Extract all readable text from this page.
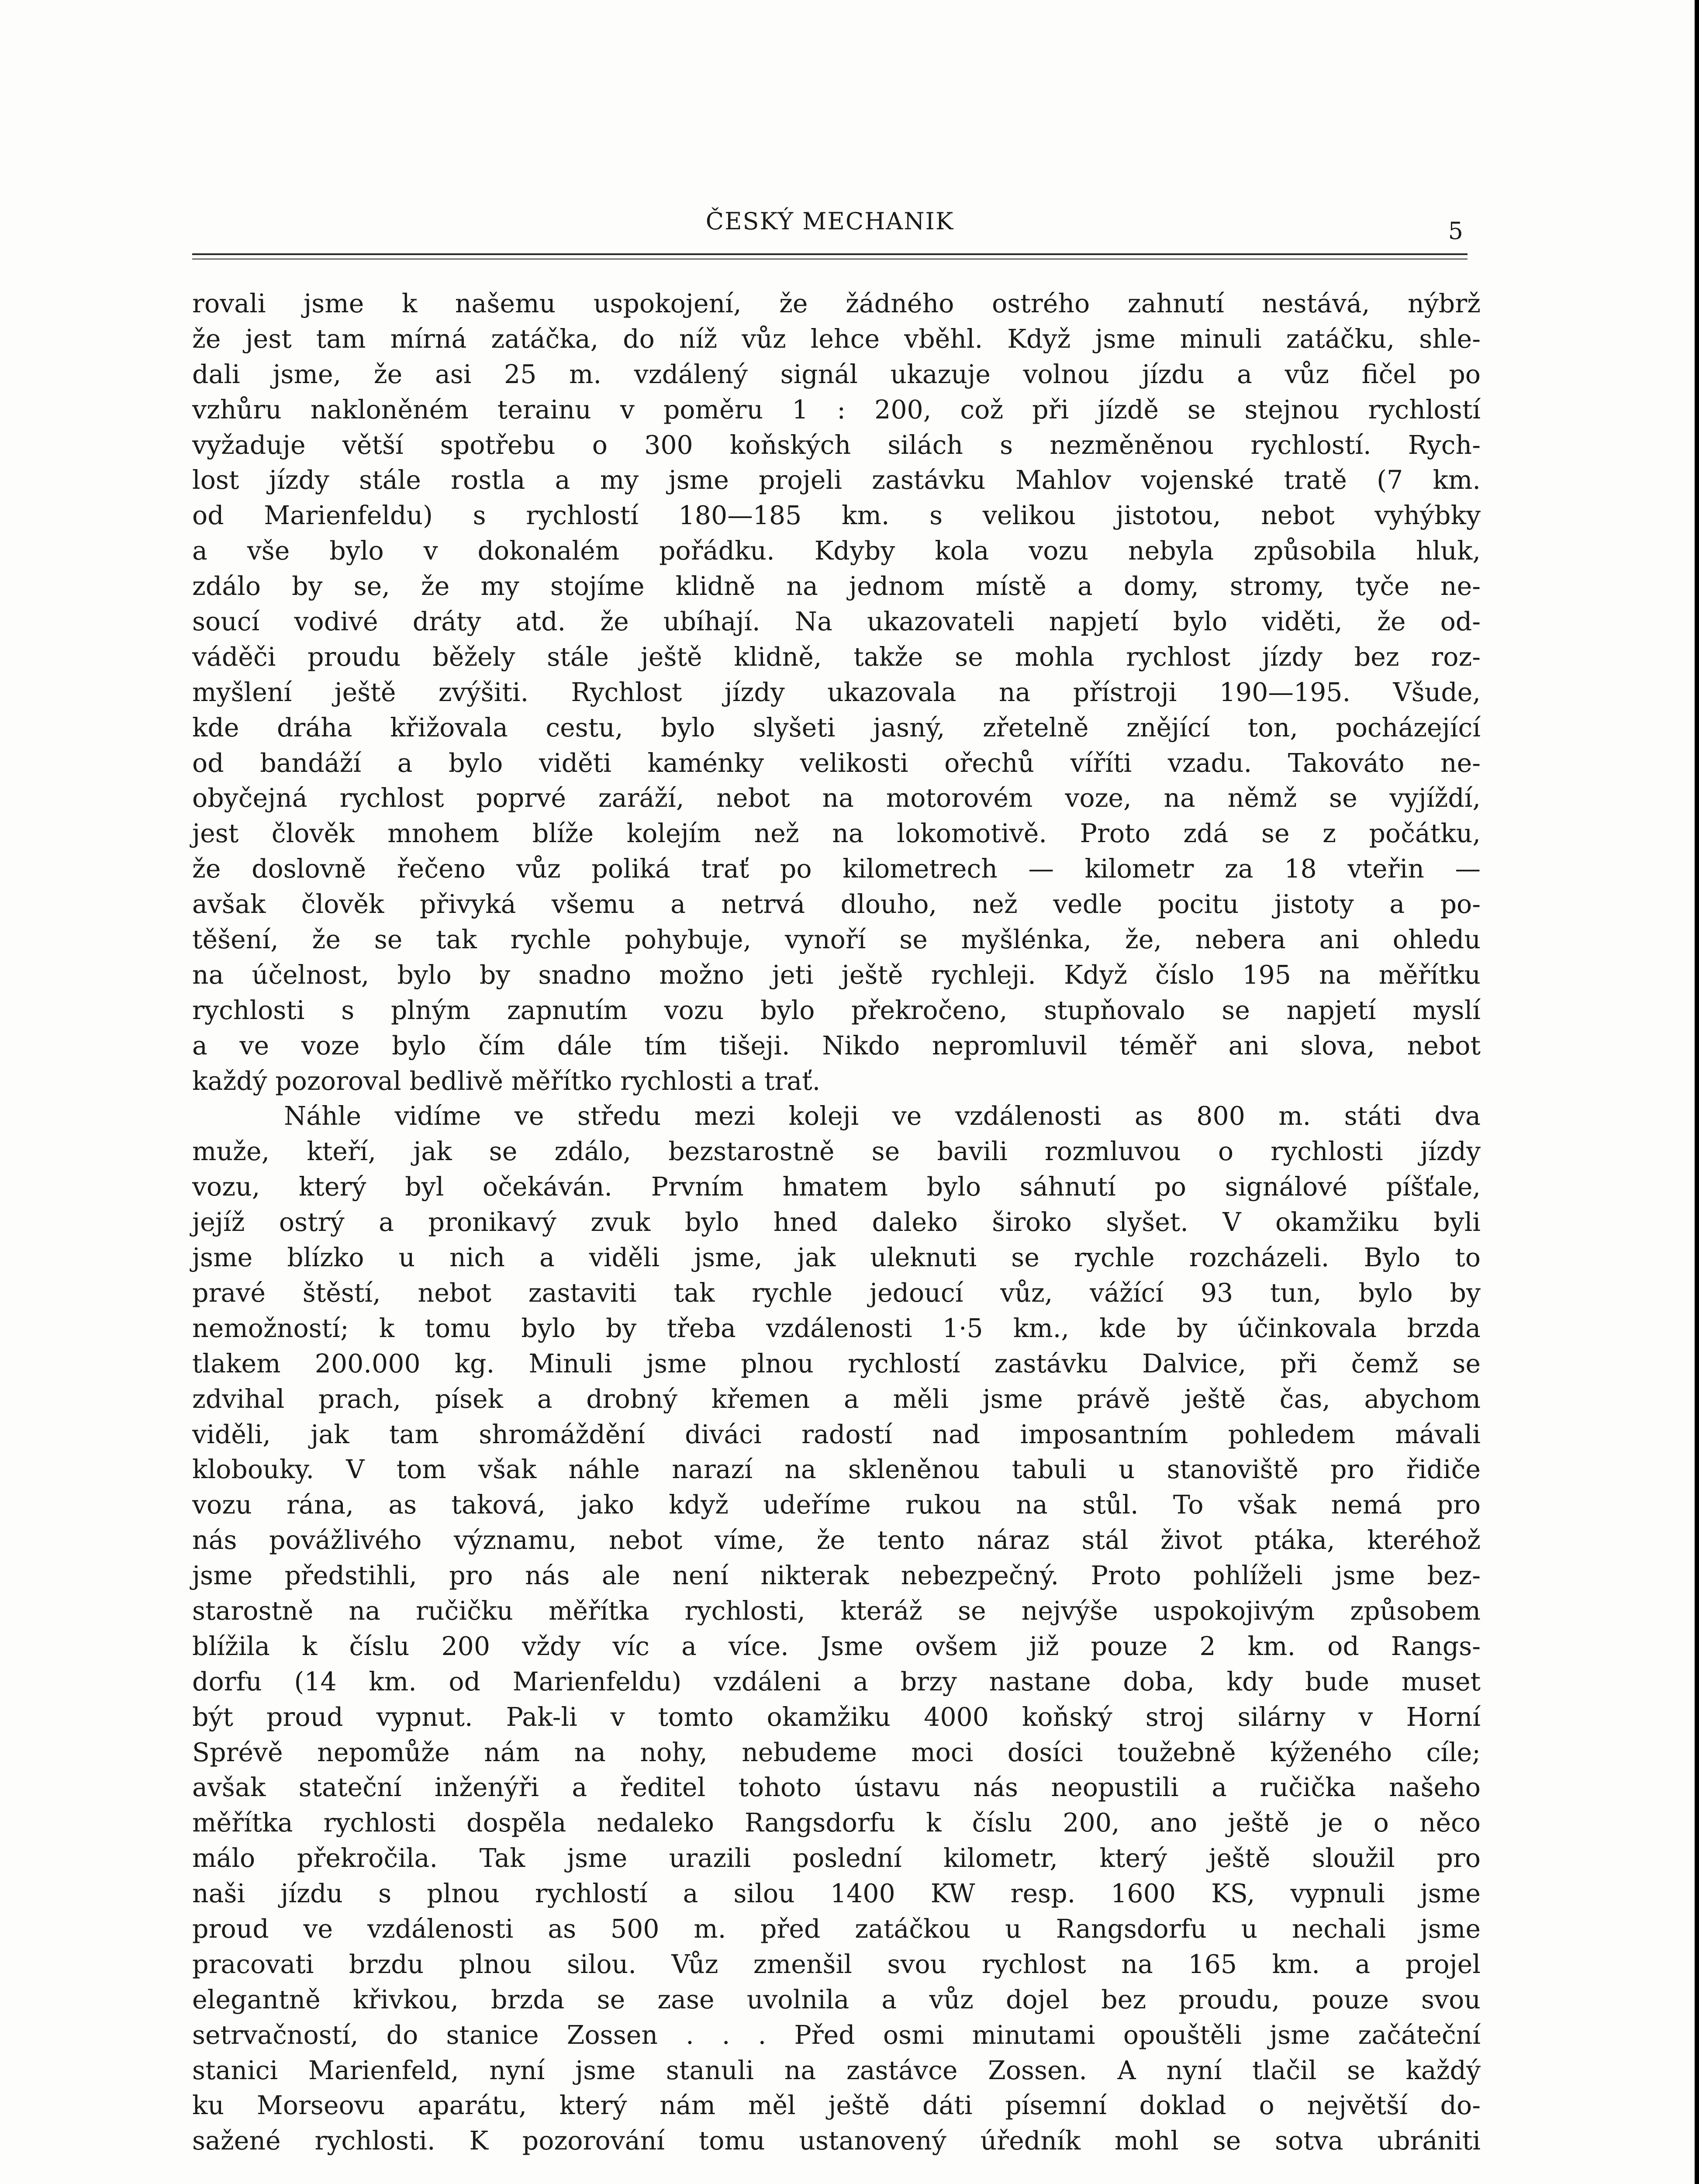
ČESKÝ MECHANIK	5
rovali jsme k našemu uspokojení, že žádného ostrého zahnutí nestává, nýbrž
že jest tam mírná zatáčka, do níž vůz lehce vběhl. Když jsme minuli zatáčku, shle-
dali jsme, že asi 25 m. vzdálený signál ukazuje volnou jízdu a vůz fičel po
vzhůru nakloněném terainu v poměru 1 : 200, což při jízdě se stejnou rychlostí
vyžaduje větší spotřebu o 300 koňských silách s nezměněnou rychlostí. Rych-
lost jízdy stále rostla a my jsme projeli zastávku Mahlov vojenské tratě (7 km.
od Marienfeldu) s rychlostí 180—185 km. s velikou jistotou, nebot vyhýbky
a vše bylo v dokonalém pořádku. Kdyby kola vozu nebyla způsobila hluk,
zdálo by se, že my stojíme klidně na jednom místě a domy, stromy, tyče ne-
soucí vodivé dráty atd. že ubíhají. Na ukazovateli napjetí bylo viděti, že od-
váděči proudu běžely stále ještě klidně, takže se mohla rychlost jízdy bez roz-
myšlení ještě zvýšiti. Rychlost jízdy ukazovala na přístroji 190—195. Všude,
kde dráha křižovala cestu, bylo slyšeti jasný, zřetelně znějící ton, pocházející
od bandáží a bylo viděti kaménky velikosti ořechů víříti vzadu. Takováto ne-
obyčejná rychlost poprvé zaráží, nebot na motorovém voze, na němž se vyjíždí,
jest člověk mnohem blíže kolejím než na lokomotivě. Proto zdá se z počátku,
že doslovně řečeno vůz poliká trať po kilometrech — kilometr za 18 vteřin —
avšak člověk přivyká všemu a netrvá dlouho, než vedle pocitu jistoty a po-
těšení, že se tak rychle pohybuje, vynoří se myšlénka, že, nebera ani ohledu
na účelnost, bylo by snadno možno jeti ještě rychleji. Když číslo 195 na měřítku
rychlosti s plným zapnutím vozu bylo překročeno, stupňovalo se napjetí myslí
a ve voze bylo čím dále tím tišeji. Nikdo nepromluvil téměř ani slova, nebot
každý pozoroval bedlivě měřítko rychlosti a trať.
Náhle vidíme ve středu mezi koleji ve vzdálenosti as 800 m. státi dva
muže, kteří, jak se zdálo, bezstarostně se bavili rozmluvou o rychlosti jízdy
vozu, který byl očekáván. Prvním hmatem bylo sáhnutí po signálové píšťale,
jejíž ostrý a pronikavý zvuk bylo hned daleko široko slyšet. V okamžiku byli
jsme blízko u nich a viděli jsme, jak uleknuti se rychle rozcházeli. Bylo to
pravé štěstí, nebot zastaviti tak rychle jedoucí vůz, vážící 93 tun, bylo by
nemožností; k tomu bylo by třeba vzdálenosti 1·5 km., kde by účinkovala brzda
tlakem 200.000 kg. Minuli jsme plnou rychlostí zastávku Dalvice, při čemž se
zdvihal prach, písek a drobný křemen a měli jsme právě ještě čas, abychom
viděli, jak tam shromáždění diváci radostí nad imposantním pohledem mávali
klobouky. V tom však náhle narazí na skleněnou tabuli u stanoviště pro řidiče
vozu rána, as taková, jako když udeříme rukou na stůl. To však nemá pro
nás povážlivého významu, nebot víme, že tento náraz stál život ptáka, kteréhož
jsme předstihli, pro nás ale není nikterak nebezpečný. Proto pohlíželi jsme bez-
starostně na ručičku měřítka rychlosti, kteráž se nejvýše uspokojivým způsobem
blížila k číslu 200 vždy víc a více. Jsme ovšem již pouze 2 km. od Rangs-
dorfu (14 km. od Marienfeldu) vzdáleni a brzy nastane doba, kdy bude muset
být proud vypnut. Pak-li v tomto okamžiku 4000 koňský stroj silárny v Horní
Sprévě nepomůže nám na nohy, nebudeme moci dosíci toužebně kýženého cíle;
avšak stateční inženýři a ředitel tohoto ústavu nás neopustili a ručička našeho
měřítka rychlosti dospěla nedaleko Rangsdorfu k číslu 200, ano ještě je o něco
málo překročila. Tak jsme urazili poslední kilometr, který ještě sloužil pro
naši jízdu s plnou rychlostí a silou 1400 KW resp. 1600 KS, vypnuli jsme
proud ve vzdálenosti as 500 m. před zatáčkou u Rangsdorfu u nechali jsme
pracovati brzdu plnou silou. Vůz zmenšil svou rychlost na 165 km. a projel
elegantně křivkou, brzda se zase uvolnila a vůz dojel bez proudu, pouze svou
setrvačností, do stanice Zossen . . . Před osmi minutami opouštěli jsme začáteční
stanici Marienfeld, nyní jsme stanuli na zastávce Zossen. A nyní tlačil se každý
ku Morseovu aparátu, který nám měl ještě dáti písemní doklad o největší do-
sažené rychlosti. K pozorování tomu ustanovený úředník mohl se sotva ubrániti
